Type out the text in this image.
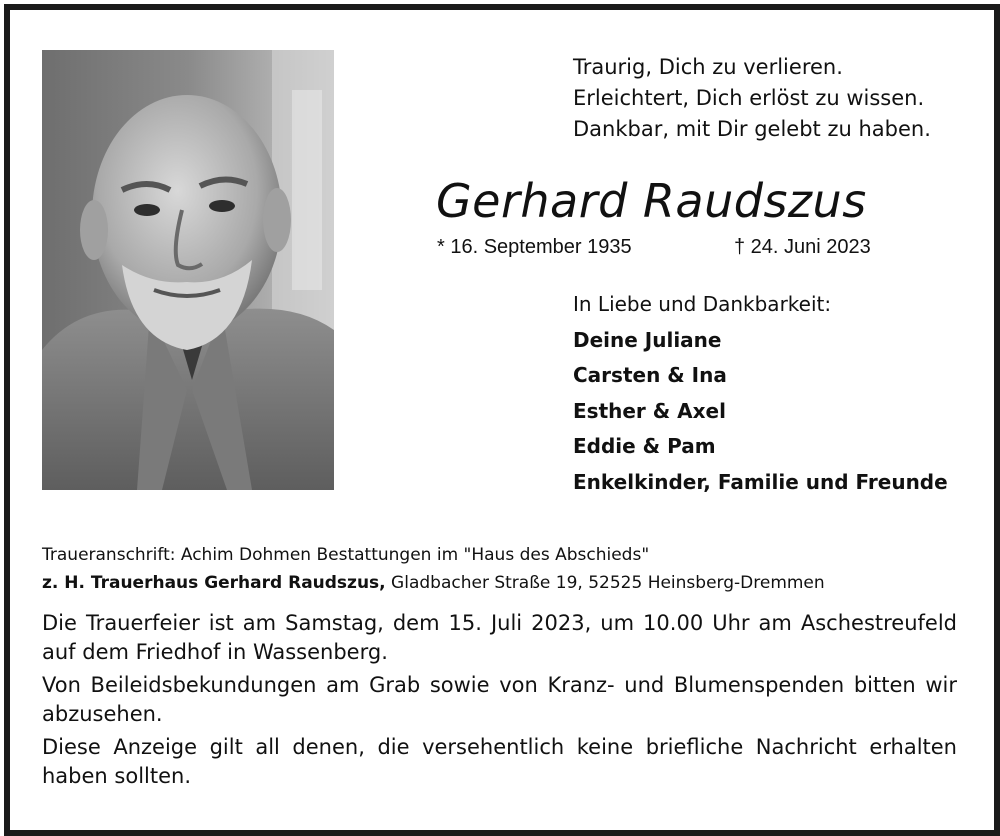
Traurig, Dich zu verlieren.
Erleichtert, Dich erlöst zu wissen.
Dankbar, mit Dir gelebt zu haben.
Gerhard Raudszus
* 16. September 1935	† 24. Juni 2023
In Liebe und Dankbarkeit:
Deine Juliane
Carsten & Ina
Esther & Axel
Eddie & Pam
Enkelkinder, Familie und Freunde
Traueranschrift: Achim Dohmen Bestattungen im "Haus des Abschieds"
z. H. Trauerhaus Gerhard Raudszus, Gladbacher Straße 19, 52525 Heinsberg-Dremmen

Die Trauerfeier ist am Samstag, dem 15. Juli 2023, um 10.00 Uhr am Aschestreufeld auf dem Friedhof in Wassenberg.

Von Beileidsbekundungen am Grab sowie von Kranz- und Blumenspenden bitten wir abzusehen.

Diese Anzeige gilt all denen, die versehentlich keine briefliche Nachricht erhalten haben sollten.
